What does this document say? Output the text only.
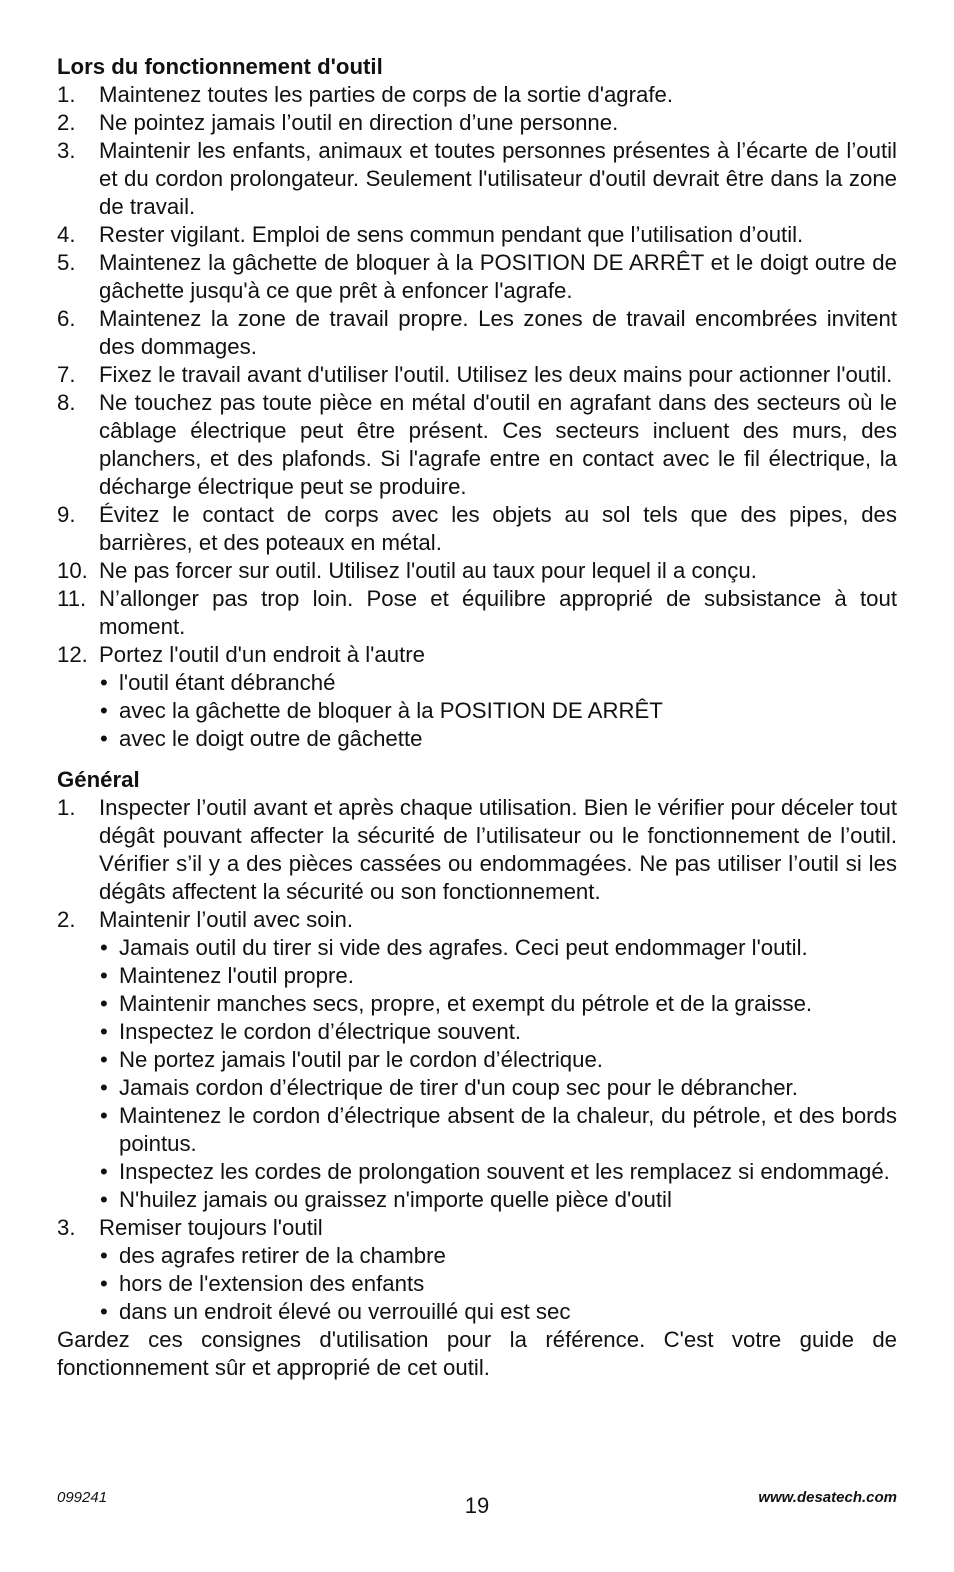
Lors du fonctionnement d'outil

1. Maintenez toutes les parties de corps de la sortie d'agrafe.
2. Ne pointez jamais l’outil en direction d’une personne.
3. Maintenir les enfants, animaux et toutes personnes présentes à l’écarte de l’outil et du cordon prolongateur. Seulement l'utilisateur d'outil devrait être dans la zone de travail.
4. Rester vigilant. Emploi de sens commun pendant que l’utilisation d’outil.
5. Maintenez la gâchette de bloquer à la POSITION DE ARRÊT et le doigt outre de gâchette jusqu'à ce que prêt à enfoncer l'agrafe.
6. Maintenez la zone de travail propre. Les zones de travail encombrées invitent des dommages.
7. Fixez le travail avant d'utiliser l'outil. Utilisez les deux mains pour actionner l'outil.
8. Ne touchez pas toute pièce en métal d'outil en agrafant dans des secteurs où le câblage électrique peut être présent. Ces secteurs incluent des murs, des planchers, et des plafonds. Si l'agrafe entre en contact avec le fil électrique, la décharge électrique peut se produire.
9. Évitez le contact de corps avec les objets au sol tels que des pipes, des barrières, et des poteaux en métal.
10. Ne pas forcer sur outil. Utilisez l'outil au taux pour lequel il a conçu.
11. N’allonger pas trop loin. Pose et équilibre approprié de subsistance à tout moment.
12. Portez l'outil d'un endroit à l'autre
• l'outil étant débranché
• avec la gâchette de bloquer à la POSITION DE ARRÊT
• avec le doigt outre de gâchette

Général

1. Inspecter l’outil avant et après chaque utilisation. Bien le vérifier pour déceler tout dégât pouvant affecter la sécurité de l’utilisateur ou le fonctionnement de l’outil. Vérifier s’il y a des pièces cassées ou endommagées. Ne pas utiliser l’outil si les dégâts affectent la sécurité ou son fonctionnement.
2. Maintenir l’outil avec soin.
• Jamais outil du tirer si vide des agrafes. Ceci peut endommager l'outil.
• Maintenez l'outil propre.
• Maintenir manches secs, propre, et exempt du pétrole et de la graisse.
• Inspectez le cordon d’électrique souvent.
• Ne portez jamais l'outil par le cordon d’électrique.
• Jamais cordon d’électrique de tirer d'un coup sec pour le débrancher.
• Maintenez le cordon d’électrique absent de la chaleur, du pétrole, et des bords pointus.
• Inspectez les cordes de prolongation souvent et les remplacez si endommagé.
• N'huilez jamais ou graissez n'importe quelle pièce d'outil
3. Remiser toujours l'outil
• des agrafes retirer de la chambre
• hors de l'extension des enfants
• dans un endroit élevé ou verrouillé qui est sec
Gardez ces consignes d'utilisation pour la référence. C'est votre guide de fonctionnement sûr et approprié de cet outil.
099241	19	www.desatech.com
